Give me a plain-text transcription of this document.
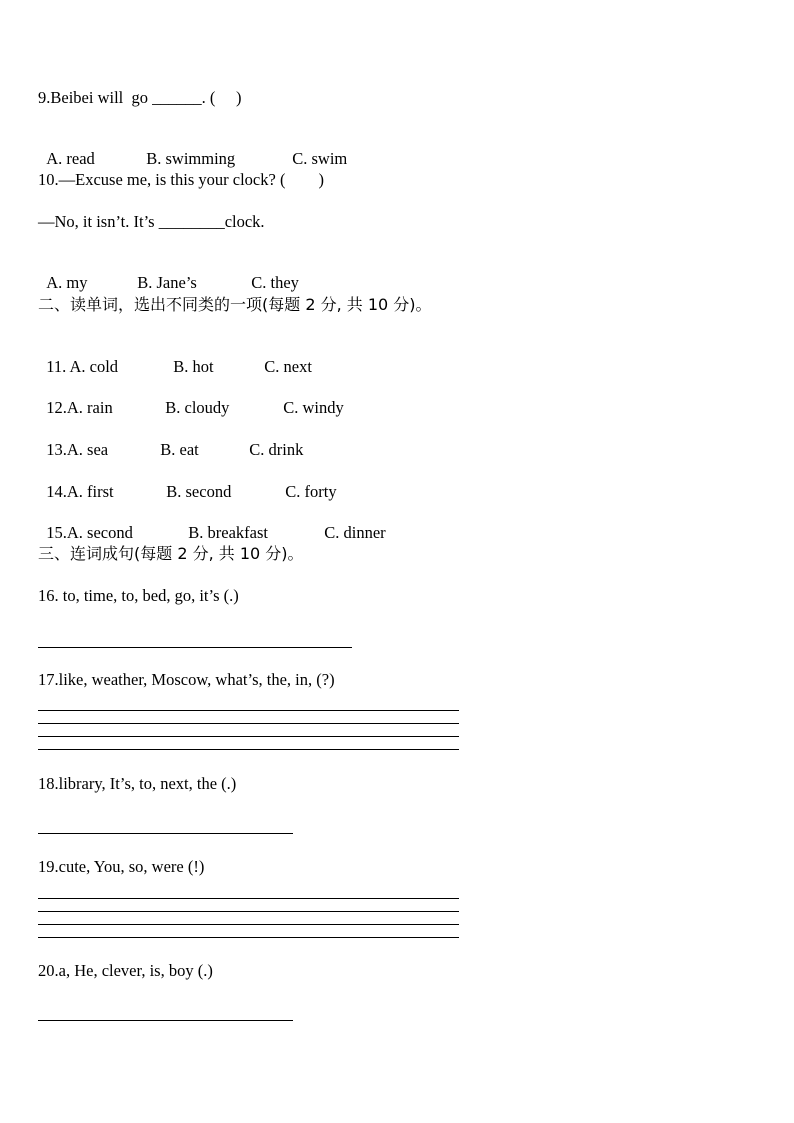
9.Beibei will  go ______. (     )

A. read	B. swimming	C. swim

10.—Excuse me, is this your clock? (        )
—No, it isn’t. It’s ________clock.

A. my	B. Jane’s	C. they

二、读单词，选出不同类的一项(每题 2 分, 共 10 分)。

11. A. cold	B. hot	C. next

12.A. rain	B. cloudy	C. windy

13.A. sea	B. eat	C. drink

14.A. first	B. second	C. forty

15.A. second	B. breakfast	C. dinner

三、连词成句(每题 2 分, 共 10 分)。
16. to, time, to, bed, go, it’s (.)
17.like, weather, Moscow, what’s, the, in, (?)
18.library, It’s, to, next, the (.)
19.cute, You, so, were (!)
20.a, He, clever, is, boy (.)
